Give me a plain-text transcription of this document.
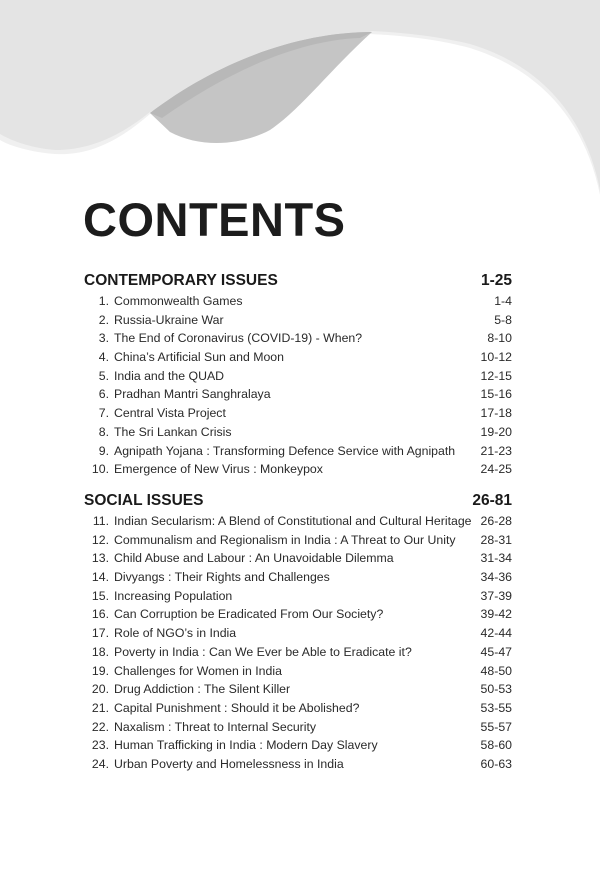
CONTENTS
CONTEMPORARY ISSUES	1-25
1. Commonwealth Games	1-4
2. Russia-Ukraine War	5-8
3. The End of Coronavirus (COVID-19) - When?	8-10
4. China’s Artificial Sun and Moon	10-12
5. India and the QUAD	12-15
6. Pradhan Mantri Sanghralaya	15-16
7. Central Vista Project	17-18
8. The Sri Lankan Crisis	19-20
9. Agnipath Yojana : Transforming Defence Service with Agnipath	21-23
10. Emergence of New Virus : Monkeypox	24-25
SOCIAL ISSUES	26-81
11. Indian Secularism: A Blend of Constitutional and Cultural Heritage 26-28
12. Communalism and Regionalism in India : A Threat to Our Unity	28-31
13. Child Abuse and Labour : An Unavoidable Dilemma	31-34
14. Divyangs : Their Rights and Challenges	34-36
15. Increasing Population	37-39
16. Can Corruption be Eradicated From Our Society?	39-42
17. Role of NGO’s in India	42-44
18. Poverty in India : Can We Ever be Able to Eradicate it?	45-47
19. Challenges for Women in India	48-50
20. Drug Addiction : The Silent Killer	50-53
21. Capital Punishment : Should it be Abolished?	53-55
22. Naxalism : Threat to Internal Security	55-57
23. Human Trafficking in India : Modern Day Slavery	58-60
24. Urban Poverty and Homelessness in India	60-63
